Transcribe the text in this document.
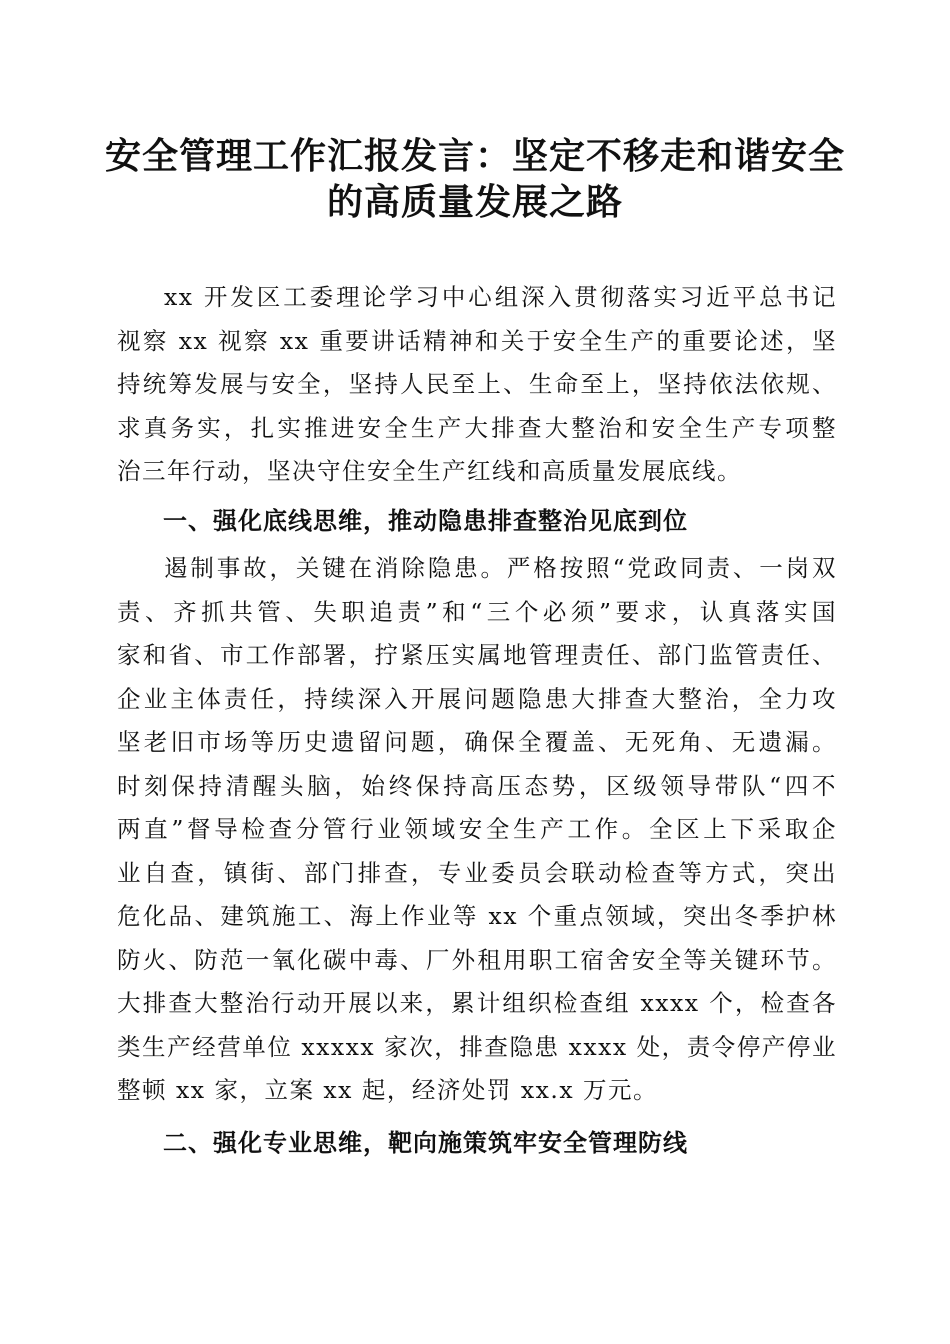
安全管理工作汇报发言：坚定不移走和谐安全
的高质量发展之路
xx 开发区工委理论学习中心组深入贯彻落实习近平总书记
视察 xx 视察 xx 重要讲话精神和关于安全生产的重要论述，坚
持统筹发展与安全，坚持人民至上、生命至上，坚持依法依规、
求真务实，扎实推进安全生产大排查大整治和安全生产专项整
治三年行动，坚决守住安全生产红线和高质量发展底线。
一、强化底线思维，推动隐患排查整治见底到位
遏制事故，关键在消除隐患。严格按照“党政同责、一岗双
责、齐抓共管、失职追责”和“三个必须”要求，认真落实国
家和省、市工作部署，拧紧压实属地管理责任、部门监管责任、
企业主体责任，持续深入开展问题隐患大排查大整治，全力攻
坚老旧市场等历史遗留问题，确保全覆盖、无死角、无遗漏。
时刻保持清醒头脑，始终保持高压态势，区级领导带队“四不
两直”督导检查分管行业领域安全生产工作。全区上下采取企
业自查，镇街、部门排查，专业委员会联动检查等方式，突出
危化品、建筑施工、海上作业等 xx 个重点领域，突出冬季护林
防火、防范一氧化碳中毒、厂外租用职工宿舍安全等关键环节。
大排查大整治行动开展以来，累计组织检查组 xxxx 个，检查各
类生产经营单位 xxxxx 家次，排查隐患 xxxx 处，责令停产停业
整顿 xx 家，立案 xx 起，经济处罚 xx.x 万元。
二、强化专业思维，靶向施策筑牢安全管理防线
